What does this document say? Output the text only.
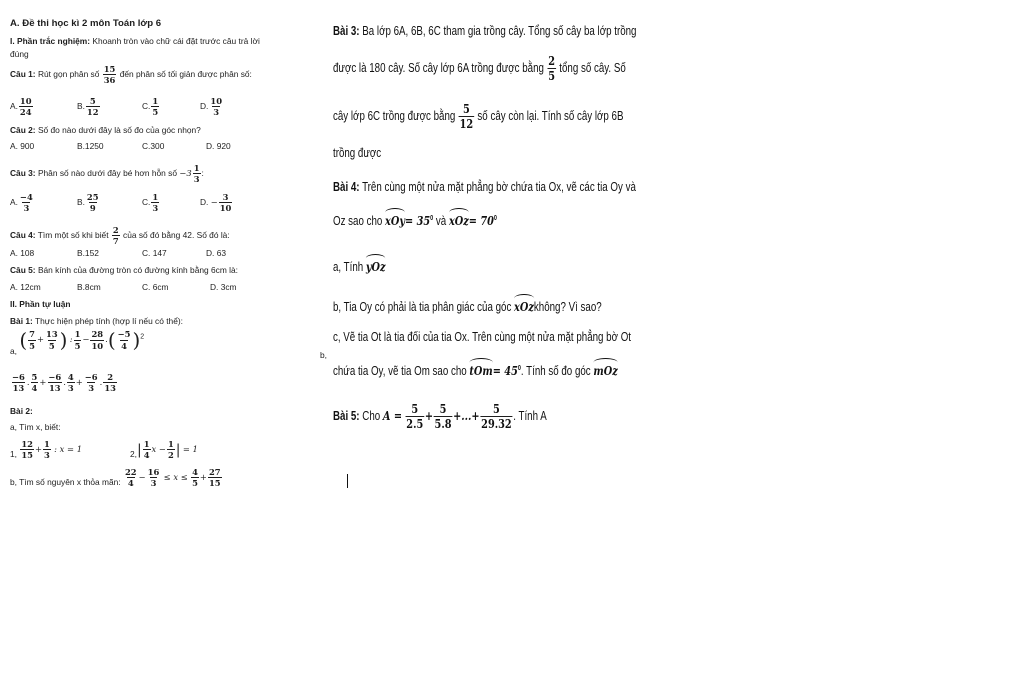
A. Đề thi học kì 2 môn Toán lớp 6
I. Phần trắc nghiệm: Khoanh tròn vào chữ cái đặt trước câu trả lời
đúng
Câu 1: Rút gọn phân số $\frac{15}{36}$ đến phân số tối giản được phân số:
A. $\frac{10}{24}$	B. $\frac{5}{12}$	C. $\frac{1}{5}$	D. $\frac{10}{3}$
Câu 2: Số đo nào dưới đây là số đo của góc nhọn?
A. 900	B.1250	C.300	D. 920
Câu 3: Phân số nào dưới đây bé hơn hỗn số $-3 \frac{1}{3}$ :
A. $\frac{-4}{3}$	B. $\frac{25}{9}$	C. $\frac{1}{3}$	D. − $\frac{3}{10}$
Câu 4: Tìm một số khi biết $\frac{2}{7}$ của số đó bằng 42. Số đó là:
A. 108	B.152	C. 147	D. 63
Câu 5: Bán kính của đường tròn có đường kính bằng 6cm là:
A. 12cm	B.8cm	C. 6cm	D. 3cm
II. Phần tự luận
Bài 1: Thực hiện phép tính (hợp lí nếu có thể):
a, ( $\frac{7}{5} + \frac{13}{5}$ ) : $\frac{1}{5} - \frac{28}{10}$ .( $\frac{-5}{4} )^2$
$\frac{-6}{13}$ . $\frac{5}{4} + \frac{-6}{13}$ . $\frac{4}{3} + \frac{-6}{3}$ . $\frac{2}{13}$
Bài 2:
a, Tìm x, biết:
1, $\frac{12}{15} + \frac{1}{3}$ : x = 1	$2,| \frac{1}{4}$ $x - \frac{1}{2}$ | = 1
b, Tìm số nguyên x thỏa mãn: $\frac{22}{4} - \frac{16}{3} \le x \le \frac{4}{5} + \frac{27}{15}$
b,
Bài 3: Ba lớp 6A, 6B, 6C tham gia trồng cây. Tổng số cây ba lớp trồng
được là 180 cây. Số cây lớp 6A trồng được bằng $\frac{2}{5}$ tổng số cây. Số
cây lớp 6C trồng được bằng $\frac{5}{12}$ số cây còn lại. Tính số cây lớp 6B
trồng được
Bài 4: Trên cùng một nửa mặt phẳng bờ chứa tia Ox, vẽ các tia Oy và
Oz sao cho $xOy= 35^0$ và $xOz= 70^0$
a, Tính yOz
b, Tia Oy có phải là tia phân giác của góc xOzkhông? Vì sao?
c, Vẽ tia Ot là tia đối của tia Ox. Trên cùng một nửa mặt phẳng bờ Ot
chứa tia Oy, vẽ tia Om sao cho $tOm= 45^0$. Tính số đo góc mOz
Bài 5: Cho $A = \frac{5}{2.5} + \frac{5}{5.8}$ +...+ $\frac{5}{29.32}$ . Tính A
